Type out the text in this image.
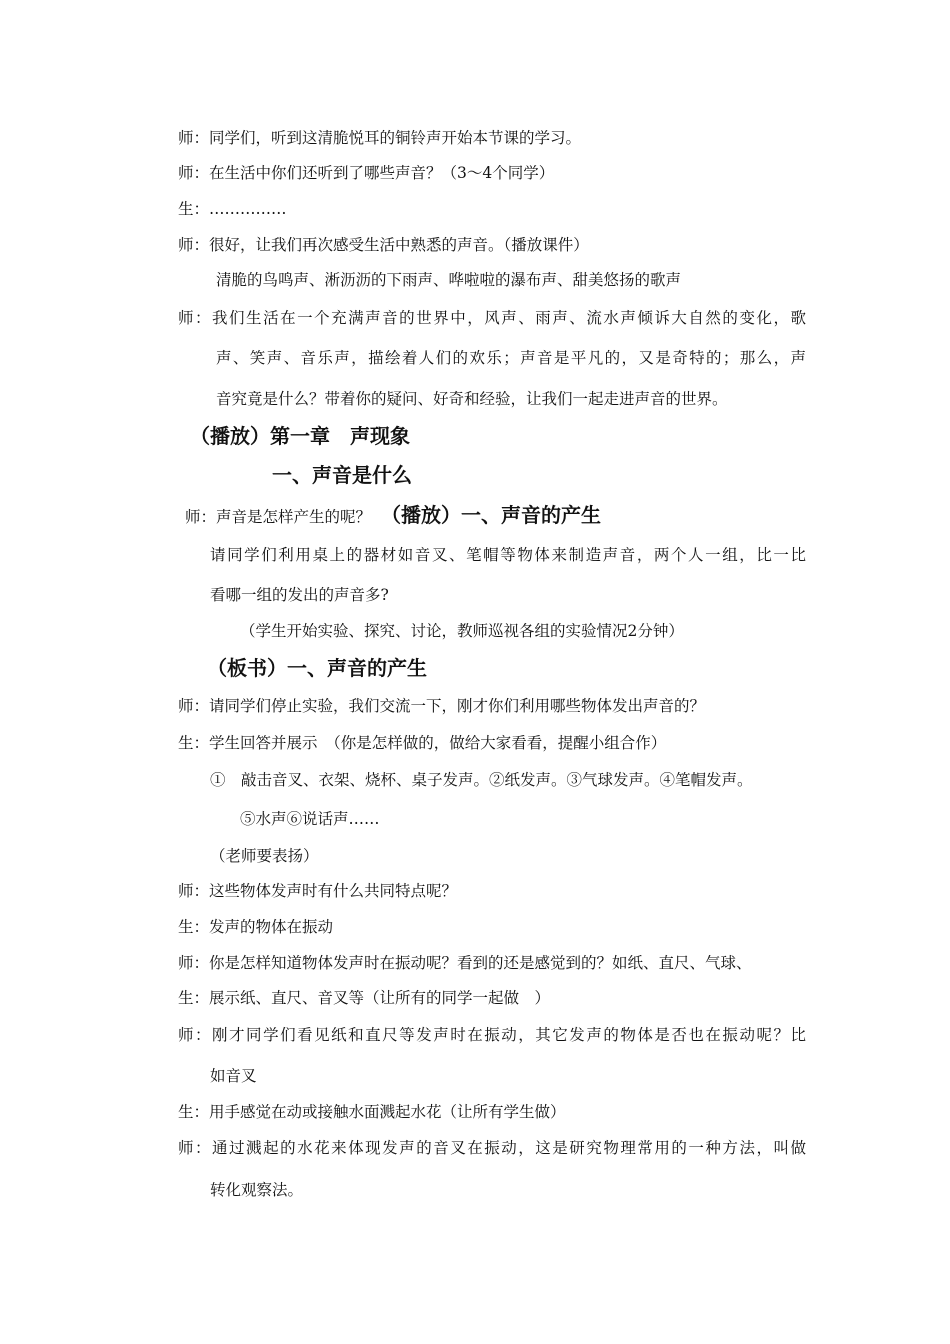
师：同学们，听到这清脆悦耳的铜铃声开始本节课的学习。
师：在生活中你们还听到了哪些声音？（3～4个同学）
生：……………
师：很好，让我们再次感受生活中熟悉的声音。（播放课件）
清脆的鸟鸣声、淅沥沥的下雨声、哗啦啦的瀑布声、甜美悠扬的歌声
师：我们生活在一个充满声音的世界中，风声、雨声、流水声倾诉大自然的变化，歌
声、笑声、音乐声，描绘着人们的欢乐；声音是平凡的，又是奇特的；那么，声
音究竟是什么？带着你的疑问、好奇和经验，让我们一起走进声音的世界。
（播放）第一章　声现象
一、声音是什么
师：声音是怎样产生的呢？ （播放）一、声音的产生
请同学们利用桌上的器材如音叉、笔帽等物体来制造声音，两个人一组，比一比
看哪一组的发出的声音多?
（学生开始实验、探究、讨论，教师巡视各组的实验情况2分钟）
（板书）一、声音的产生
师：请同学们停止实验，我们交流一下，刚才你们利用哪些物体发出声音的？
生：学生回答并展示　（你是怎样做的，做给大家看看，提醒小组合作）
①　敲击音叉、衣架、烧杯、桌子发声。②纸发声。③气球发声。④笔帽发声。
⑤水声⑥说话声……
（老师要表扬）
师：这些物体发声时有什么共同特点呢？
生：发声的物体在振动
师：你是怎样知道物体发声时在振动呢？看到的还是感觉到的？如纸、直尺、气球、
生：展示纸、直尺、音叉等（让所有的同学一起做　）
师：刚才同学们看见纸和直尺等发声时在振动，其它发声的物体是否也在振动呢？比
如音叉
生：用手感觉在动或接触水面溅起水花（让所有学生做）
师：通过溅起的水花来体现发声的音叉在振动，这是研究物理常用的一种方法，叫做
转化观察法。
